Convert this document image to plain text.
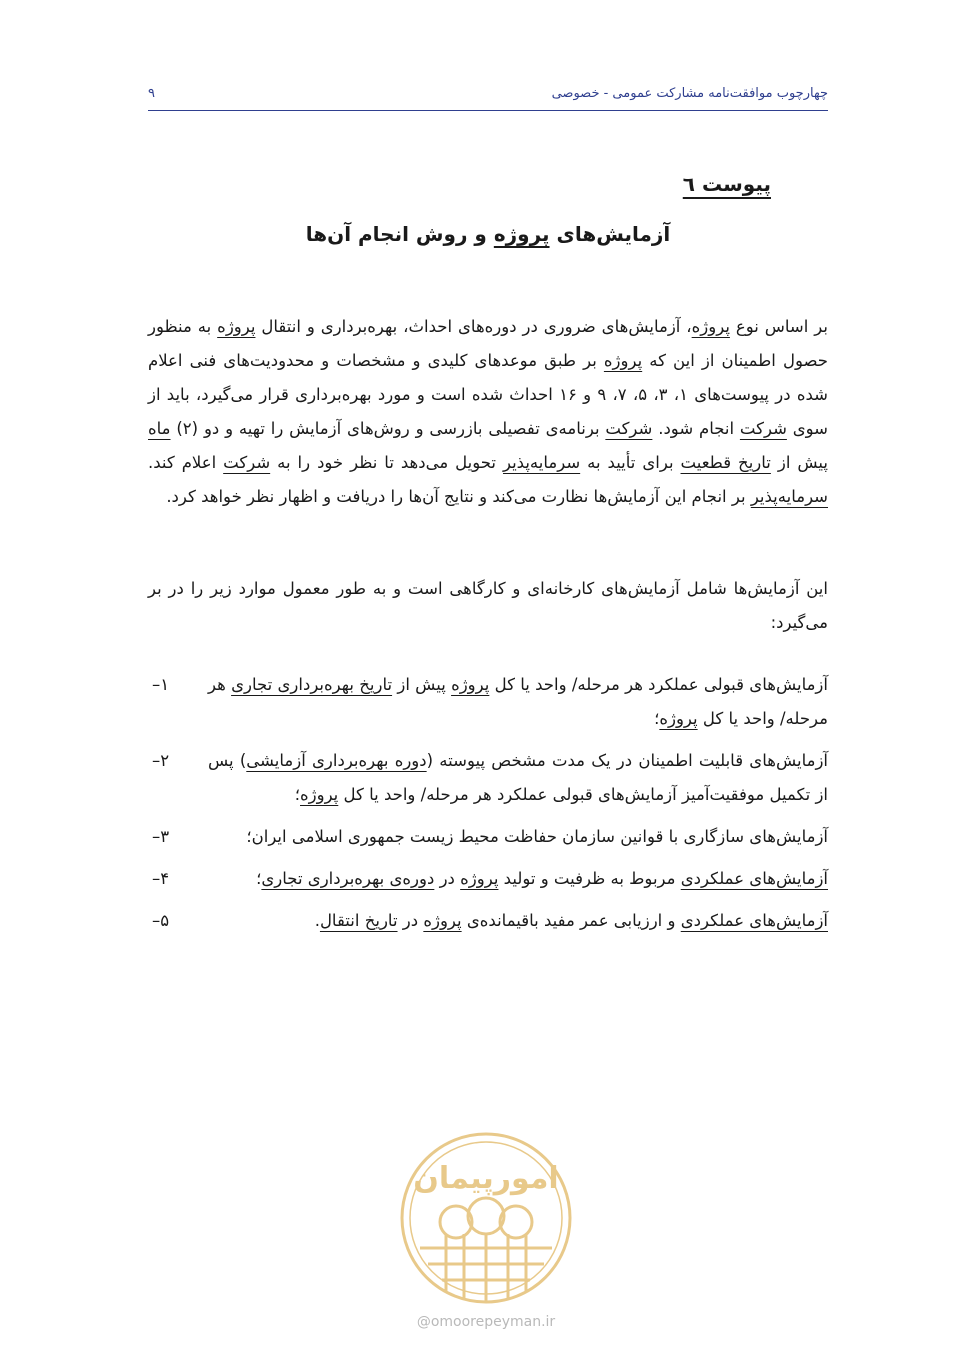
چهارچوب موافقت‌نامه مشارکت عمومی - خصوصی
۹
پیوست ٦
آزمایش‌های پروژه و روش انجام آن‌ها
بر اساس نوع پروژه، آزمایش‌های ضروری در دوره‌های احداث، بهره‌برداری و انتقال پروژه به منظور حصول اطمینان از این که پروژه بر طبق موعدهای کلیدی و مشخصات و محدودیت‌های فنی اعلام شده در پیوست‌های ۱، ۳، ۵، ۷، ۹ و ۱۶ احداث شده است و مورد بهره‌برداری قرار می‌گیرد، باید از سوی شرکت انجام شود. شرکت برنامه‌ی تفصیلی بازرسی و روش‌های آزمایش را تهیه و دو (۲) ماه پیش از تاریخ قطعیت برای تأیید به سرمایه‌پذیر تحویل می‌دهد تا نظر خود را به شرکت اعلام کند. سرمایه‌پذیر بر انجام این آزمایش‌ها نظارت می‌کند و نتایج آن‌ها را دریافت و اظهار نظر خواهد کرد.
این آزمایش‌ها شامل آزمایش‌های کارخانه‌ای و کارگاهی است و به طور معمول موارد زیر را در بر می‌گیرد:
آزمایش‌های قبولی عملکرد هر مرحله/ واحد یا کل پروژه پیش از تاریخ بهره‌برداری تجاری هر مرحله/ واحد یا کل پروژه؛
۱–
آزمایش‌های قابلیت اطمینان در یک مدت مشخص پیوسته (دوره بهره‌برداری آزمایشی) پس از تکمیل موفقیت‌آمیز آزمایش‌های قبولی عملکرد هر مرحله/ واحد یا کل پروژه؛
۲–
آزمایش‌های سازگاری با قوانین سازمان حفاظت محیط زیست جمهوری اسلامی ایران؛
۳–
آزمایش‌های عملکردی مربوط به ظرفیت و تولید پروژه در دوره‌ی بهره‌برداری تجاری؛
۴–
آزمایش‌های عملکردی و ارزیابی عمر مفید باقیمانده‌ی پروژه در تاریخ انتقال.
۵–
امورپیمان
@omoorepeyman.ir
